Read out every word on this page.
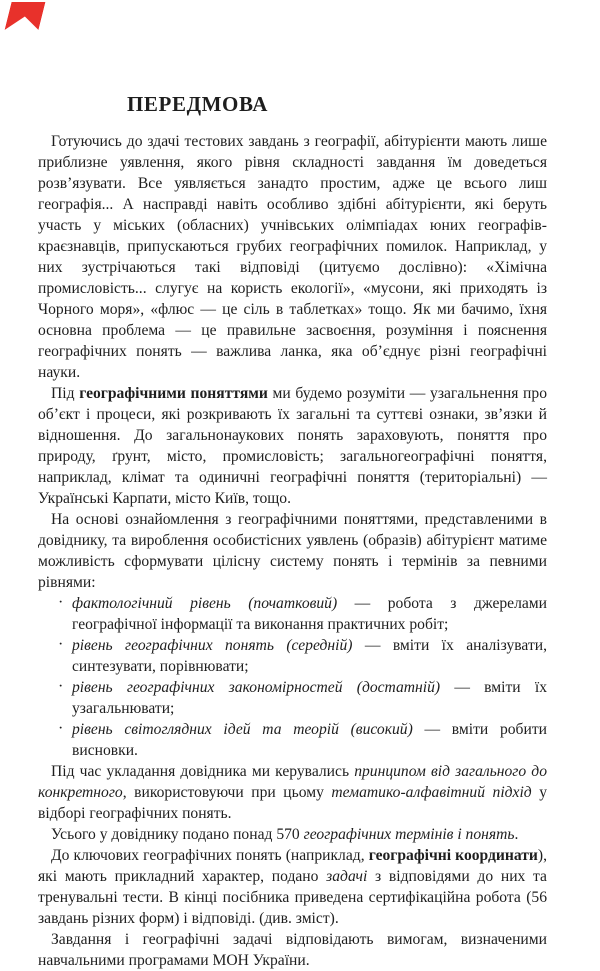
ПЕРЕДМОВА

Готуючись до здачі тестових завдань з географії, абітурієнти мають лише приблизне уявлення, якого рівня складності завдання їм доведеться розв’язувати. Все уявляється занадто простим, адже це всього лиш географія... А насправді навіть особливо здібні абітурієнти, які беруть участь у міських (обласних) учнівських олімпіадах юних географів-краєзнавців, припускаються грубих географічних помилок. Наприклад, у них зустрічаються такі відповіді (цитуємо дослівно): «Хімічна промисловість... слугує на користь екології», «мусони, які приходять із Чорного моря», «флюс — це сіль в таблетках» тощо. Як ми бачимо, їхня основна проблема — це правильне засвоєння, розуміння і пояснення географічних понять — важлива ланка, яка об’єднує різні географічні науки.

Під географічними поняттями ми будемо розуміти — узагальнення про об’єкт і процеси, які розкривають їх загальні та суттєві ознаки, зв’язки й відношення. До загальнонаукових понять зараховують, поняття про природу, ґрунт, місто, промисловість; загальногеографічні поняття, наприклад, клімат та одиничні географічні поняття (територіальні) — Українські Карпати, місто Київ, тощо.

На основі ознайомлення з географічними поняттями, представленими в довіднику, та вироблення особистісних уявлень (образів) абітурієнт матиме можливість сформувати цілісну систему понять і термінів за певними рівнями:

· фактологічний рівень (початковий) — робота з джерелами географічної інформації та виконання практичних робіт;

· рівень географічних понять (середній) — вміти їх аналізувати, синтезувати, порівнювати;

· рівень географічних закономірностей (достатній) — вміти їх узагальнювати;

· рівень світоглядних ідей та теорій (високий) — вміти робити висновки.

Під час укладання довідника ми керувались принципом від загального до конкретного, використовуючи при цьому тематико-алфавітний підхід у відборі географічних понять.

Усього у довіднику подано понад 570 географічних термінів і понять.

До ключових географічних понять (наприклад, географічні координати), які мають прикладний характер, подано задачі з відповідями до них та тренувальні тести. В кінці посібника приведена сертифікаційна робота (56 завдань різних форм) і відповіді. (див. зміст).

Завдання і географічні задачі відповідають вимогам, визначеними навчальними програмами МОН України.
